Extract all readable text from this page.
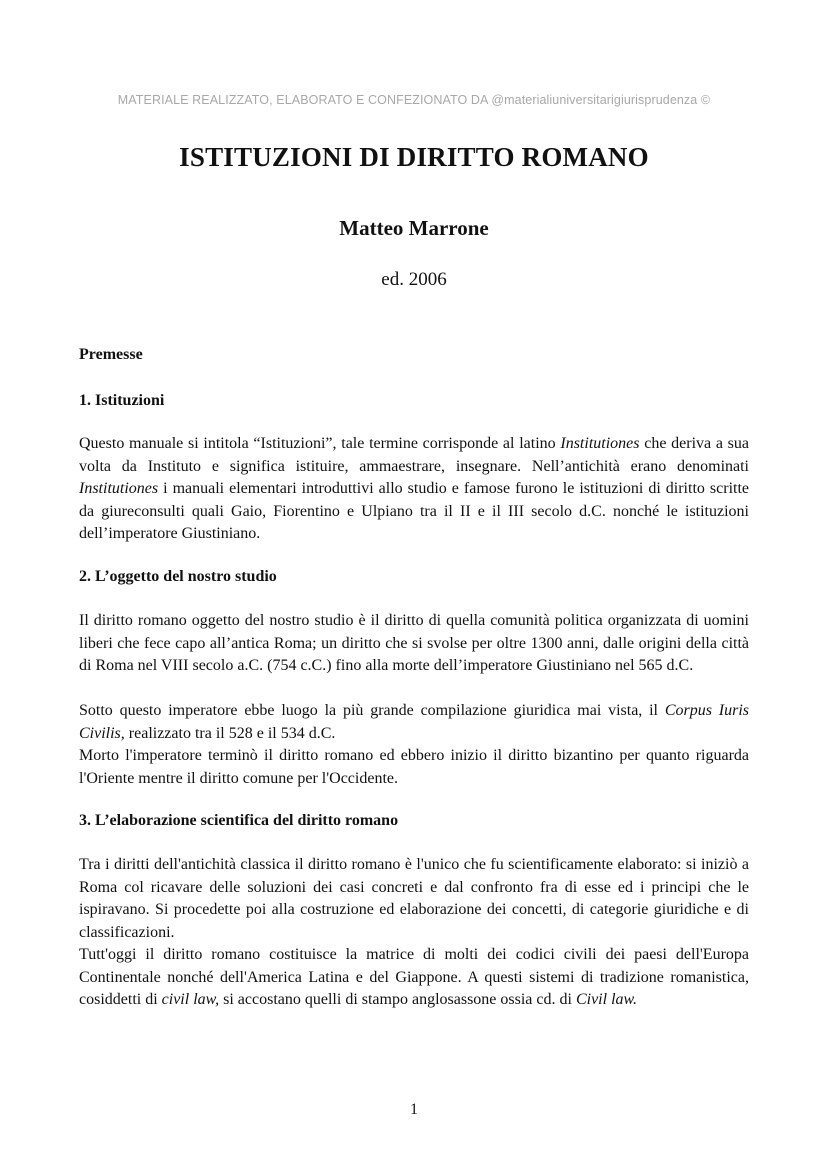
MATERIALE REALIZZATO, ELABORATO E CONFEZIONATO DA @materialiuniversitarigiurisprudenza ©
ISTITUZIONI DI DIRITTO ROMANO
Matteo Marrone

ed. 2006

Premesse
1. Istituzioni

Questo manuale si intitola “Istituzioni”, tale termine corrisponde al latino Institutiones che deriva a sua volta da Instituto e significa istituire, ammaestrare, insegnare. Nell’antichità erano denominati Institutiones i manuali elementari introduttivi allo studio e famose furono le istituzioni di diritto scritte da giureconsulti quali Gaio, Fiorentino e Ulpiano tra il II e il III secolo d.C. nonché le istituzioni dell’imperatore Giustiniano.

2. L’oggetto del nostro studio

Il diritto romano oggetto del nostro studio è il diritto di quella comunità politica organizzata di uomini liberi che fece capo all’antica Roma; un diritto che si svolse per oltre 1300 anni, dalle origini della città di Roma nel VIII secolo a.C. (754 c.C.) fino alla morte dell’imperatore Giustiniano nel 565 d.C.

Sotto questo imperatore ebbe luogo la più grande compilazione giuridica mai vista, il Corpus Iuris Civilis, realizzato tra il 528 e il 534 d.C.

Morto l'imperatore terminò il diritto romano ed ebbero inizio il diritto bizantino per quanto riguarda l'Oriente mentre il diritto comune per l'Occidente.

3. L’elaborazione scientifica del diritto romano

Tra i diritti dell'antichità classica il diritto romano è l'unico che fu scientificamente elaborato: si iniziò a Roma col ricavare delle soluzioni dei casi concreti e dal confronto fra di esse ed i principi che le ispiravano. Si procedette poi alla costruzione ed elaborazione dei concetti, di categorie giuridiche e di classificazioni.

Tutt'oggi il diritto romano costituisce la matrice di molti dei codici civili dei paesi dell'Europa Continentale nonché dell'America Latina e del Giappone. A questi sistemi di tradizione romanistica, cosiddetti di civil law, si accostano quelli di stampo anglosassone ossia cd. di Civil law.

1
